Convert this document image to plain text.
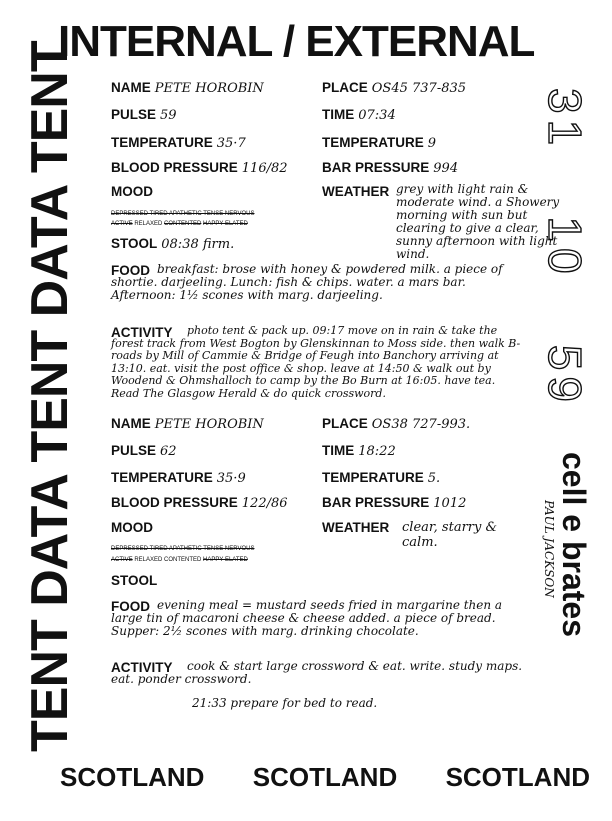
INTERNAL / EXTERNAL
TENT DATA TENT DATA TENT	31
10
59
cell e brates
PAUL JACKSON
NAME PETE HOROBIN	PLACE OS45 737-835
PULSE 59	TIME 07:34
TEMPERATURE 35·7	TEMPERATURE 9
BLOOD PRESSURE 116/82	BAR PRESSURE 994
MOOD
DEPRESSED TIRED APATHETIC TENSE NERVOUS
ACTIVE RELAXED CONTENTED HAPPY ELATED
WEATHER grey with light rain & moderate wind. a Showery morning with sun but clearing to give a clear, sunny afternoon with light wind.
STOOL 08:38 firm.
FOOD breakfast: brose with honey & powdered milk. a piece of shortie. darjeeling. Lunch: fish & chips. water. a mars bar. Afternoon: 1½ scones with marg. darjeeling.
ACTIVITY	photo tent & pack up. 09:17 move on in rain & take the forest track from West Bogton by Glenskinnan to Moss side. then walk B-roads by Mill of Cammie & Bridge of Feugh into Banchory arriving at 13:10. eat. visit the post office & shop. leave at 14:50 & walk out by Woodend & Ohmshalloch to camp by the Bo Burn at 16:05. have tea. Read The Glasgow Herald & do quick crossword.
NAME PETE HOROBIN	PLACE OS38 727-993.
PULSE 62	TIME 18:22
TEMPERATURE 35·9	TEMPERATURE 5.
BLOOD PRESSURE 122/86	BAR PRESSURE 1012
MOOD
DEPRESSED TIRED APATHETIC TENSE NERVOUS
ACTIVE RELAXED CONTENTED HAPPY ELATED
WEATHER clear, starry & calm.
STOOL
FOOD evening meal = mustard seeds fried in margarine then a large tin of macaroni cheese & cheese added. a piece of bread. Supper: 2½ scones with marg. drinking chocolate.
ACTIVITY	cook & start large crossword & eat. write. study maps. eat. ponder crossword.
21:33 prepare for bed to read.
SCOTLAND SCOTLAND SCOTLAND
